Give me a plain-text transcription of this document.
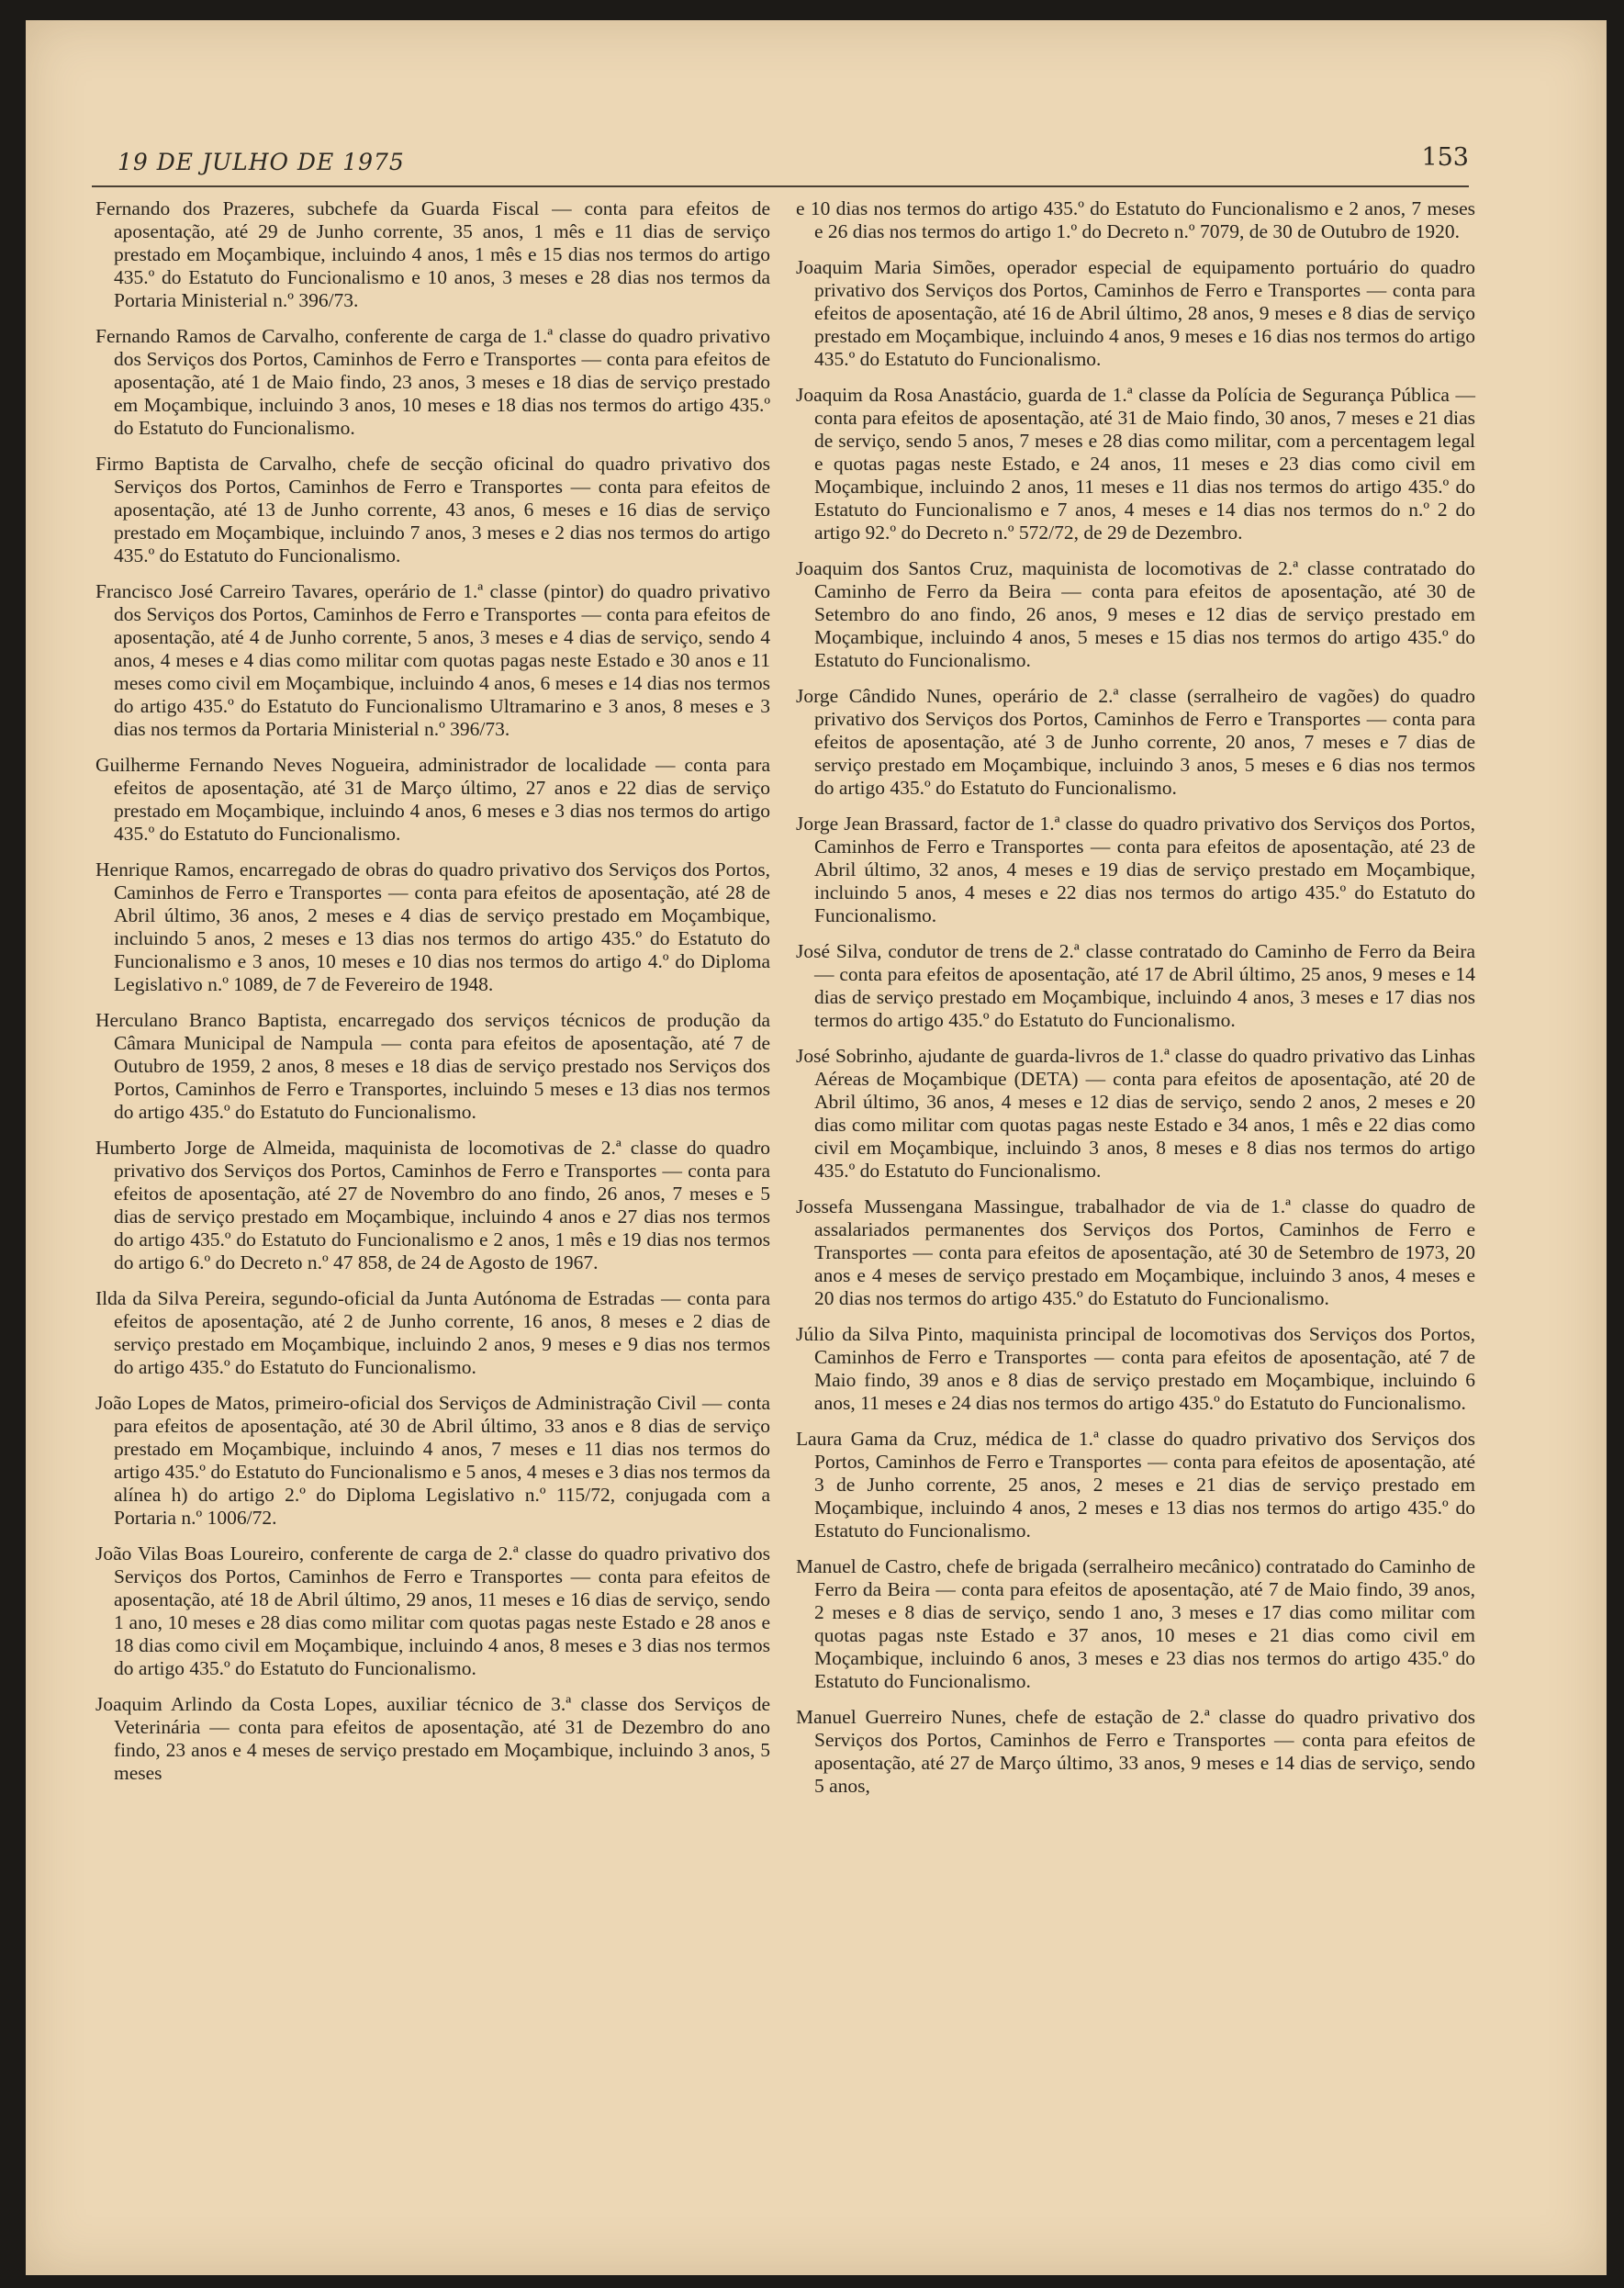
19 DE JULHO DE 1975	153

Fernando dos Prazeres, subchefe da Guarda Fiscal — conta para efeitos de aposentação, até 29 de Junho corrente, 35 anos, 1 mês e 11 dias de serviço prestado em Moçambique, incluindo 4 anos, 1 mês e 15 dias nos termos do artigo 435.º do Estatuto do Funcionalismo e 10 anos, 3 meses e 28 dias nos termos da Portaria Ministerial n.º 396/73.

Fernando Ramos de Carvalho, conferente de carga de 1.ª classe do quadro privativo dos Serviços dos Portos, Caminhos de Ferro e Transportes — conta para efeitos de aposentação, até 1 de Maio findo, 23 anos, 3 meses e 18 dias de serviço prestado em Moçambique, incluindo 3 anos, 10 meses e 18 dias nos termos do artigo 435.º do Estatuto do Funcionalismo.

Firmo Baptista de Carvalho, chefe de secção oficinal do quadro privativo dos Serviços dos Portos, Caminhos de Ferro e Transportes — conta para efeitos de aposentação, até 13 de Junho corrente, 43 anos, 6 meses e 16 dias de serviço prestado em Moçambique, incluindo 7 anos, 3 meses e 2 dias nos termos do artigo 435.º do Estatuto do Funcionalismo.

Francisco José Carreiro Tavares, operário de 1.ª classe (pintor) do quadro privativo dos Serviços dos Portos, Caminhos de Ferro e Transportes — conta para efeitos de aposentação, até 4 de Junho corrente, 5 anos, 3 meses e 4 dias de serviço, sendo 4 anos, 4 meses e 4 dias como militar com quotas pagas neste Estado e 30 anos e 11 meses como civil em Moçambique, incluindo 4 anos, 6 meses e 14 dias nos termos do artigo 435.º do Estatuto do Funcionalismo Ultramarino e 3 anos, 8 meses e 3 dias nos termos da Portaria Ministerial n.º 396/73.

Guilherme Fernando Neves Nogueira, administrador de localidade — conta para efeitos de aposentação, até 31 de Março último, 27 anos e 22 dias de serviço prestado em Moçambique, incluindo 4 anos, 6 meses e 3 dias nos termos do artigo 435.º do Estatuto do Funcionalismo.

Henrique Ramos, encarregado de obras do quadro privativo dos Serviços dos Portos, Caminhos de Ferro e Transportes — conta para efeitos de aposentação, até 28 de Abril último, 36 anos, 2 meses e 4 dias de serviço prestado em Moçambique, incluindo 5 anos, 2 meses e 13 dias nos termos do artigo 435.º do Estatuto do Funcionalismo e 3 anos, 10 meses e 10 dias nos termos do artigo 4.º do Diploma Legislativo n.º 1089, de 7 de Fevereiro de 1948.

Herculano Branco Baptista, encarregado dos serviços técnicos de produção da Câmara Municipal de Nampula — conta para efeitos de aposentação, até 7 de Outubro de 1959, 2 anos, 8 meses e 18 dias de serviço prestado nos Serviços dos Portos, Caminhos de Ferro e Transportes, incluindo 5 meses e 13 dias nos termos do artigo 435.º do Estatuto do Funcionalismo.

Humberto Jorge de Almeida, maquinista de locomotivas de 2.ª classe do quadro privativo dos Serviços dos Portos, Caminhos de Ferro e Transportes — conta para efeitos de aposentação, até 27 de Novembro do ano findo, 26 anos, 7 meses e 5 dias de serviço prestado em Moçambique, incluindo 4 anos e 27 dias nos termos do artigo 435.º do Estatuto do Funcionalismo e 2 anos, 1 mês e 19 dias nos termos do artigo 6.º do Decreto n.º 47 858, de 24 de Agosto de 1967.

Ilda da Silva Pereira, segundo-oficial da Junta Autónoma de Estradas — conta para efeitos de aposentação, até 2 de Junho corrente, 16 anos, 8 meses e 2 dias de serviço prestado em Moçambique, incluindo 2 anos, 9 meses e 9 dias nos termos do artigo 435.º do Estatuto do Funcionalismo.

João Lopes de Matos, primeiro-oficial dos Serviços de Administração Civil — conta para efeitos de aposentação, até 30 de Abril último, 33 anos e 8 dias de serviço prestado em Moçambique, incluindo 4 anos, 7 meses e 11 dias nos termos do artigo 435.º do Estatuto do Funcionalismo e 5 anos, 4 meses e 3 dias nos termos da alínea h) do artigo 2.º do Diploma Legislativo n.º 115/72, conjugada com a Portaria n.º 1006/72.

João Vilas Boas Loureiro, conferente de carga de 2.ª classe do quadro privativo dos Serviços dos Portos, Caminhos de Ferro e Transportes — conta para efeitos de aposentação, até 18 de Abril último, 29 anos, 11 meses e 16 dias de serviço, sendo 1 ano, 10 meses e 28 dias como militar com quotas pagas neste Estado e 28 anos e 18 dias como civil em Moçambique, incluindo 4 anos, 8 meses e 3 dias nos termos do artigo 435.º do Estatuto do Funcionalismo.

Joaquim Arlindo da Costa Lopes, auxiliar técnico de 3.ª classe dos Serviços de Veterinária — conta para efeitos de aposentação, até 31 de Dezembro do ano findo, 23 anos e 4 meses de serviço prestado em Moçambique, incluindo 3 anos, 5 meses

e 10 dias nos termos do artigo 435.º do Estatuto do Funcionalismo e 2 anos, 7 meses e 26 dias nos termos do artigo 1.º do Decreto n.º 7079, de 30 de Outubro de 1920.

Joaquim Maria Simões, operador especial de equipamento portuário do quadro privativo dos Serviços dos Portos, Caminhos de Ferro e Transportes — conta para efeitos de aposentação, até 16 de Abril último, 28 anos, 9 meses e 8 dias de serviço prestado em Moçambique, incluindo 4 anos, 9 meses e 16 dias nos termos do artigo 435.º do Estatuto do Funcionalismo.

Joaquim da Rosa Anastácio, guarda de 1.ª classe da Polícia de Segurança Pública — conta para efeitos de aposentação, até 31 de Maio findo, 30 anos, 7 meses e 21 dias de serviço, sendo 5 anos, 7 meses e 28 dias como militar, com a percentagem legal e quotas pagas neste Estado, e 24 anos, 11 meses e 23 dias como civil em Moçambique, incluindo 2 anos, 11 meses e 11 dias nos termos do artigo 435.º do Estatuto do Funcionalismo e 7 anos, 4 meses e 14 dias nos termos do n.º 2 do artigo 92.º do Decreto n.º 572/72, de 29 de Dezembro.

Joaquim dos Santos Cruz, maquinista de locomotivas de 2.ª classe contratado do Caminho de Ferro da Beira — conta para efeitos de aposentação, até 30 de Setembro do ano findo, 26 anos, 9 meses e 12 dias de serviço prestado em Moçambique, incluindo 4 anos, 5 meses e 15 dias nos termos do artigo 435.º do Estatuto do Funcionalismo.

Jorge Cândido Nunes, operário de 2.ª classe (serralheiro de vagões) do quadro privativo dos Serviços dos Portos, Caminhos de Ferro e Transportes — conta para efeitos de aposentação, até 3 de Junho corrente, 20 anos, 7 meses e 7 dias de serviço prestado em Moçambique, incluindo 3 anos, 5 meses e 6 dias nos termos do artigo 435.º do Estatuto do Funcionalismo.

Jorge Jean Brassard, factor de 1.ª classe do quadro privativo dos Serviços dos Portos, Caminhos de Ferro e Transportes — conta para efeitos de aposentação, até 23 de Abril último, 32 anos, 4 meses e 19 dias de serviço prestado em Moçambique, incluindo 5 anos, 4 meses e 22 dias nos termos do artigo 435.º do Estatuto do Funcionalismo.

José Silva, condutor de trens de 2.ª classe contratado do Caminho de Ferro da Beira — conta para efeitos de aposentação, até 17 de Abril último, 25 anos, 9 meses e 14 dias de serviço prestado em Moçambique, incluindo 4 anos, 3 meses e 17 dias nos termos do artigo 435.º do Estatuto do Funcionalismo.

José Sobrinho, ajudante de guarda-livros de 1.ª classe do quadro privativo das Linhas Aéreas de Moçambique (DETA) — conta para efeitos de aposentação, até 20 de Abril último, 36 anos, 4 meses e 12 dias de serviço, sendo 2 anos, 2 meses e 20 dias como militar com quotas pagas neste Estado e 34 anos, 1 mês e 22 dias como civil em Moçambique, incluindo 3 anos, 8 meses e 8 dias nos termos do artigo 435.º do Estatuto do Funcionalismo.

Jossefa Mussengana Massingue, trabalhador de via de 1.ª classe do quadro de assalariados permanentes dos Serviços dos Portos, Caminhos de Ferro e Transportes — conta para efeitos de aposentação, até 30 de Setembro de 1973, 20 anos e 4 meses de serviço prestado em Moçambique, incluindo 3 anos, 4 meses e 20 dias nos termos do artigo 435.º do Estatuto do Funcionalismo.

Júlio da Silva Pinto, maquinista principal de locomotivas dos Serviços dos Portos, Caminhos de Ferro e Transportes — conta para efeitos de aposentação, até 7 de Maio findo, 39 anos e 8 dias de serviço prestado em Moçambique, incluindo 6 anos, 11 meses e 24 dias nos termos do artigo 435.º do Estatuto do Funcionalismo.

Laura Gama da Cruz, médica de 1.ª classe do quadro privativo dos Serviços dos Portos, Caminhos de Ferro e Transportes — conta para efeitos de aposentação, até 3 de Junho corrente, 25 anos, 2 meses e 21 dias de serviço prestado em Moçambique, incluindo 4 anos, 2 meses e 13 dias nos termos do artigo 435.º do Estatuto do Funcionalismo.

Manuel de Castro, chefe de brigada (serralheiro mecânico) contratado do Caminho de Ferro da Beira — conta para efeitos de aposentação, até 7 de Maio findo, 39 anos, 2 meses e 8 dias de serviço, sendo 1 ano, 3 meses e 17 dias como militar com quotas pagas nste Estado e 37 anos, 10 meses e 21 dias como civil em Moçambique, incluindo 6 anos, 3 meses e 23 dias nos termos do artigo 435.º do Estatuto do Funcionalismo.

Manuel Guerreiro Nunes, chefe de estação de 2.ª classe do quadro privativo dos Serviços dos Portos, Caminhos de Ferro e Transportes — conta para efeitos de aposentação, até 27 de Março último, 33 anos, 9 meses e 14 dias de serviço, sendo 5 anos,
